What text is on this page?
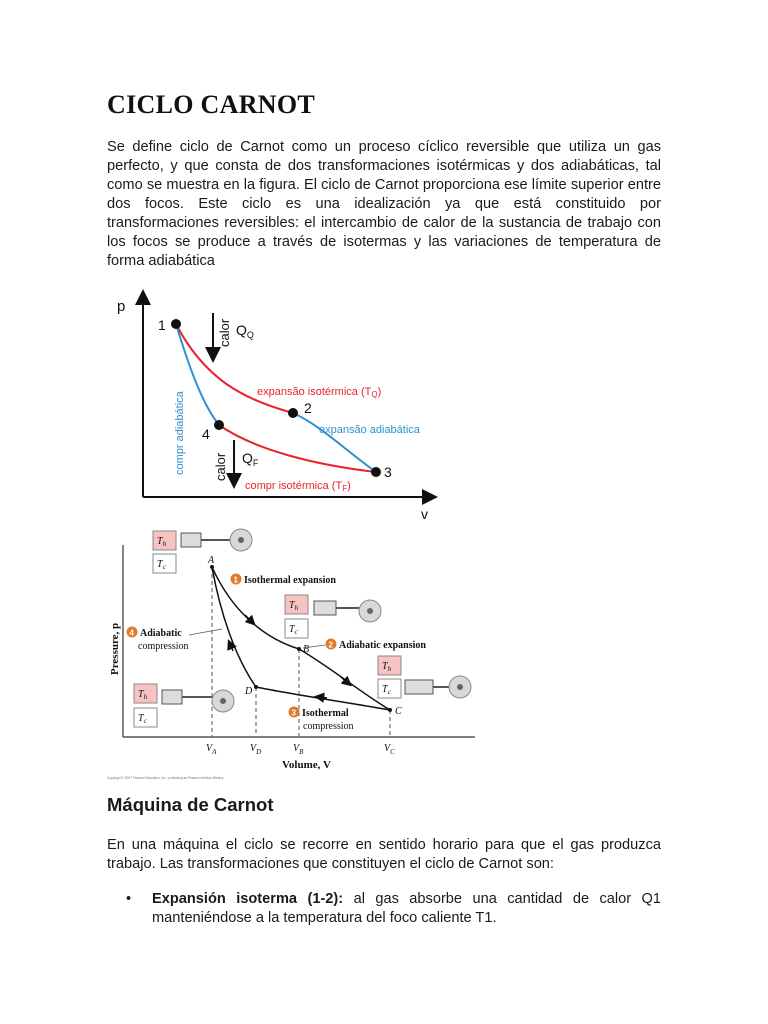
CICLO CARNOT

Se define ciclo de Carnot como un proceso cíclico reversible que utiliza un gas perfecto, y que consta de dos transformaciones isotérmicas y dos adiabáticas, tal como se muestra en la figura. El ciclo de Carnot proporciona ese límite superior entre dos focos. Este ciclo es una idealización ya que está constituido por transformaciones reversibles: el intercambio de calor de la sustancia de trabajo con los focos se produce a través de isotermas y las variaciones de temperatura de forma adiabática

p
v
1
2
3
4
calor $Q_Q$
calor $Q_F$
expansão isotérmica (TQ)
expansão adiabática
compr adiabática
compr isotérmica (TF)
Pressure, p
Volume, V
A
B
C
D
1 Isothermal expansion
2 Adiabatic expansion
3 Isothermal
compression
4 Adiabatic
compression
$V_A$	$V_D$	$V_B$	$V_C$
$T_h$
$T_c$
$T_h$
$T_c$
$T_h$
$T_c$
$T_h$
$T_c$
Copyright © 2007 Pearson Education, Inc., publishing as Pearson Addison-Wesley.
Máquina de Carnot

En una máquina el ciclo se recorre en sentido horario para que el gas produzca trabajo. Las transformaciones que constituyen el ciclo de Carnot son:

• Expansión isoterma (1-2): al gas absorbe una cantidad de calor Q1 manteniéndose a la temperatura del foco caliente T1.
